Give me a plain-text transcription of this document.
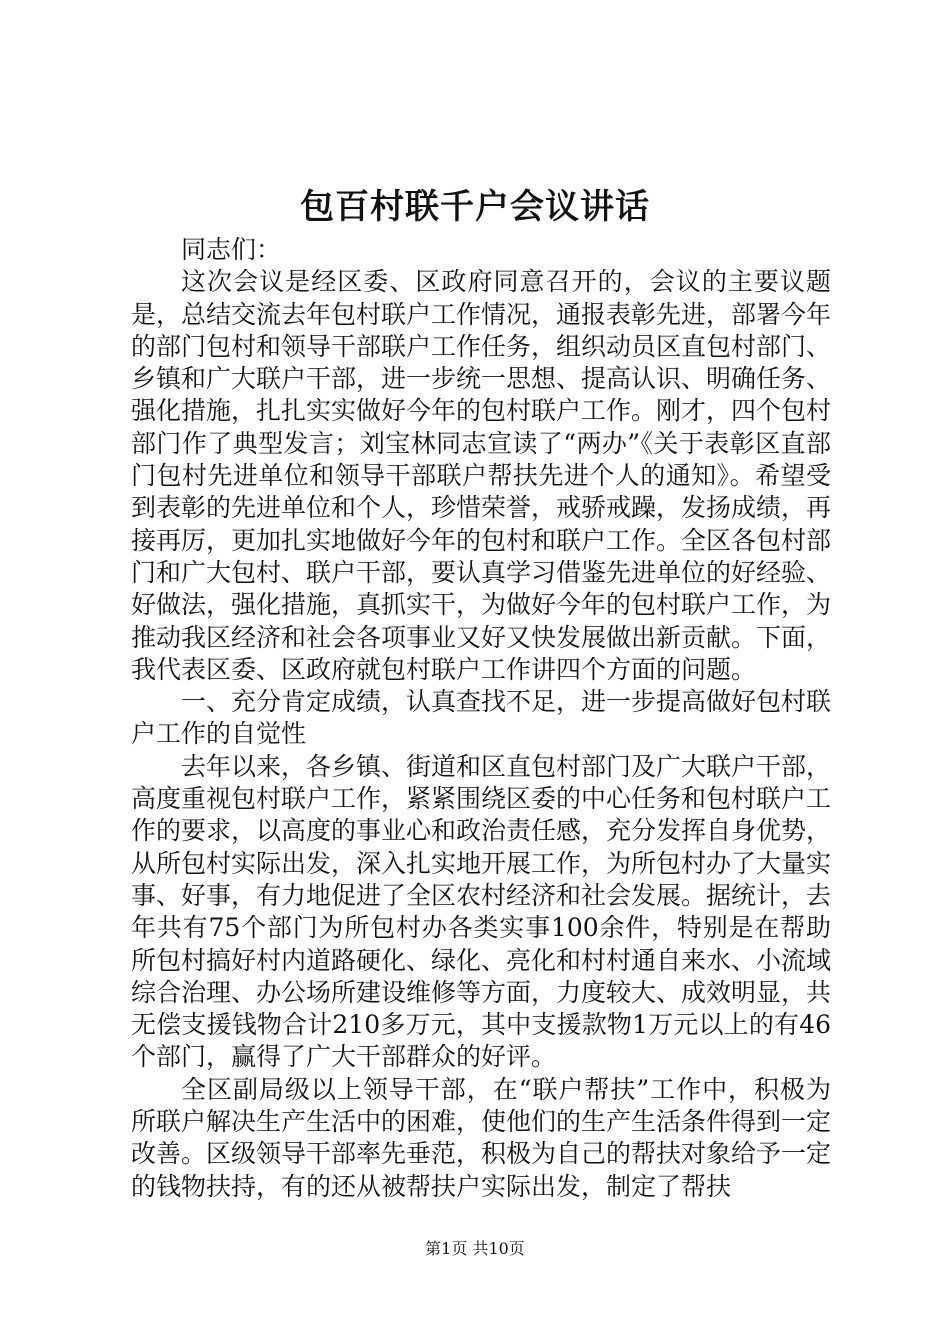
包百村联千户会议讲话

同志们：

这次会议是经区委、区政府同意召开的，会议的主要议题是，总结交流去年包村联户工作情况，通报表彰先进，部署今年的部门包村和领导干部联户工作任务，组织动员区直包村部门、乡镇和广大联户干部，进一步统一思想、提高认识、明确任务、强化措施，扎扎实实做好今年的包村联户工作。刚才，四个包村部门作了典型发言；刘宝林同志宣读了“两办”《关于表彰区直部门包村先进单位和领导干部联户帮扶先进个人的通知》。希望受到表彰的先进单位和个人，珍惜荣誉，戒骄戒躁，发扬成绩，再接再厉，更加扎实地做好今年的包村和联户工作。全区各包村部门和广大包村、联户干部，要认真学习借鉴先进单位的好经验、好做法，强化措施，真抓实干，为做好今年的包村联户工作，为推动我区经济和社会各项事业又好又快发展做出新贡献。下面，我代表区委、区政府就包村联户工作讲四个方面的问题。

一、充分肯定成绩，认真查找不足，进一步提高做好包村联户工作的自觉性

去年以来，各乡镇、街道和区直包村部门及广大联户干部，高度重视包村联户工作，紧紧围绕区委的中心任务和包村联户工作的要求，以高度的事业心和政治责任感，充分发挥自身优势，从所包村实际出发，深入扎实地开展工作，为所包村办了大量实事、好事，有力地促进了全区农村经济和社会发展。据统计，去年共有75个部门为所包村办各类实事100余件，特别是在帮助所包村搞好村内道路硬化、绿化、亮化和村村通自来水、小流域综合治理、办公场所建设维修等方面，力度较大、成效明显，共无偿支援钱物合计210多万元，其中支援款物1万元以上的有46个部门，赢得了广大干部群众的好评。

全区副局级以上领导干部，在“联户帮扶”工作中，积极为所联户解决生产生活中的困难，使他们的生产生活条件得到一定改善。区级领导干部率先垂范，积极为自己的帮扶对象给予一定的钱物扶持，有的还从被帮扶户实际出发，制定了帮扶

第1页 共10页
